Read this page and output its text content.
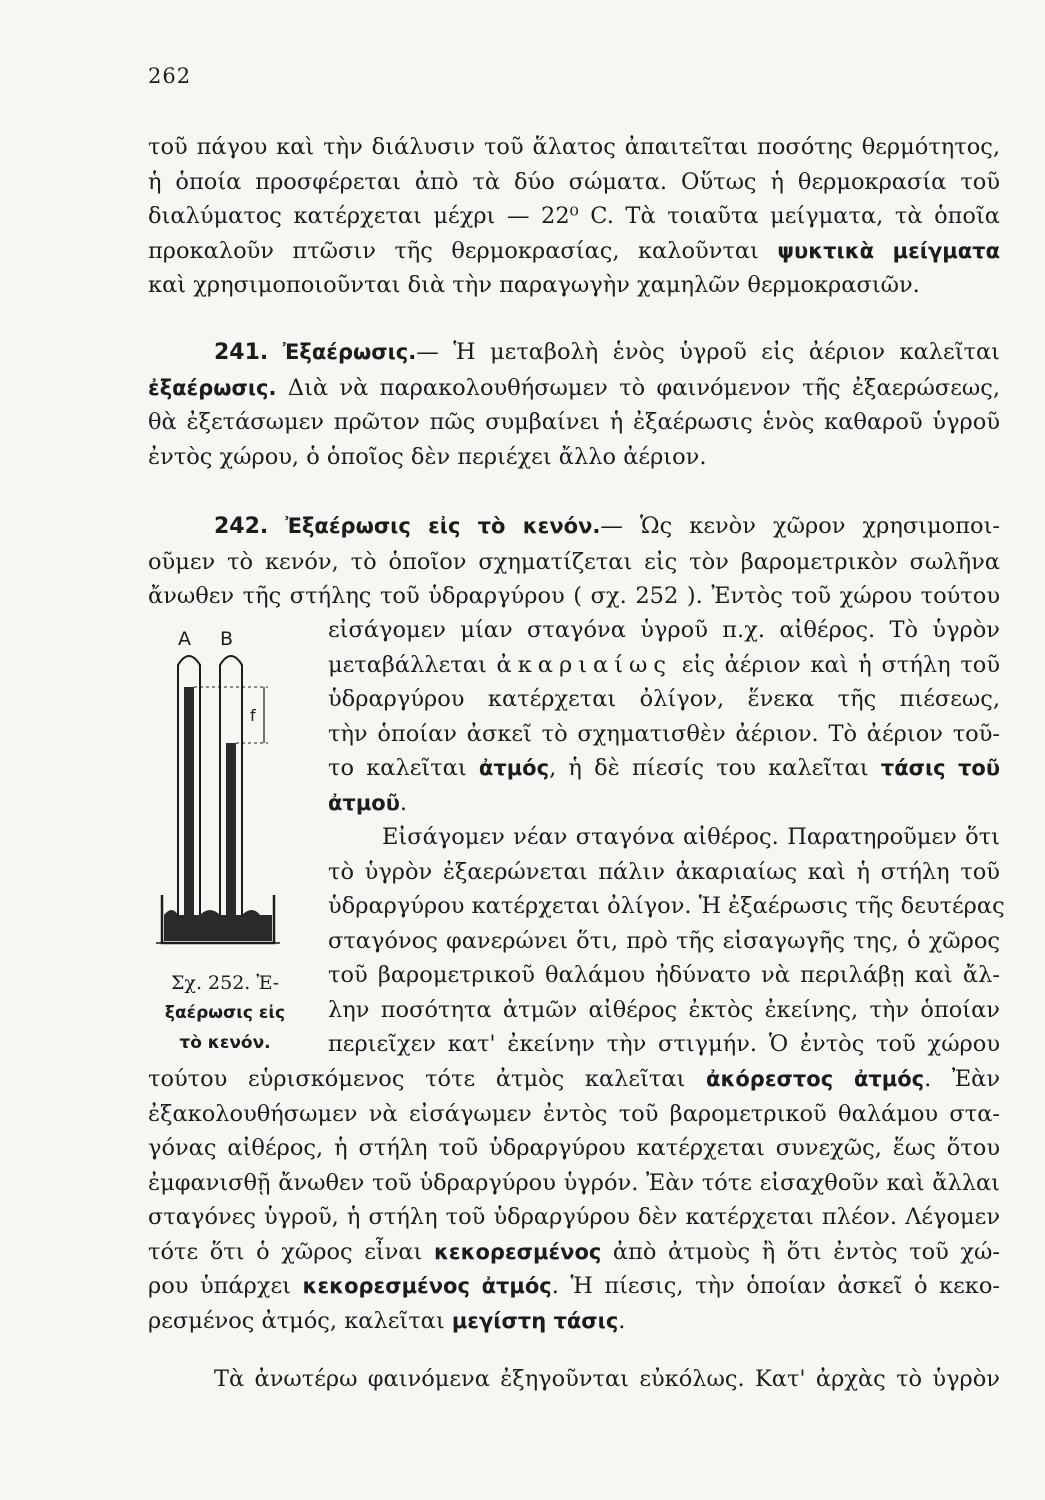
262
τοῦ πάγου καὶ τὴν διάλυσιν τοῦ ἅλατος ἀπαιτεῖται ποσότης θερμότητος,
ἡ ὁποία προσφέρεται ἀπὸ τὰ δύο σώματα. Οὕτως ἡ θερμοκρασία τοῦ
διαλύματος κατέρχεται μέχρι — 22⁰ C. Τὰ τοιαῦτα μείγματα, τὰ ὁποῖα
προκαλοῦν πτῶσιν τῆς θερμοκρασίας, καλοῦνται ψυκτικὰ μείγματα
καὶ χρησιμοποιοῦνται διὰ τὴν παραγωγὴν χαμηλῶν θερμοκρασιῶν.
241. Ἐξαέρωσις.— Ἡ μεταβολὴ ἑνὸς ὑγροῦ εἰς ἀέριον καλεῖται
ἐξαέρωσις. Διὰ νὰ παρακολουθήσωμεν τὸ φαινόμενον τῆς ἐξαερώσεως,
θὰ ἐξετάσωμεν πρῶτον πῶς συμβαίνει ἡ ἐξαέρωσις ἑνὸς καθαροῦ ὑγροῦ
ἐντὸς χώρου, ὁ ὁποῖος δὲν περιέχει ἄλλο ἀέριον.
242. Ἐξαέρωσις εἰς τὸ κενόν.— Ὡς κενὸν χῶρον χρησιμοποι-
οῦμεν τὸ κενόν, τὸ ὁποῖον σχηματίζεται εἰς τὸν βαρομετρικὸν σωλῆνα
ἄνωθεν τῆς στήλης τοῦ ὑδραργύρου ( σχ. 252 ). Ἐντὸς τοῦ χώρου τούτου
εἰσάγομεν μίαν σταγόνα ὑγροῦ π.χ. αἰθέρος. Τὸ ὑγρὸν
μεταβάλλεται ἀκαριαίως εἰς ἀέριον καὶ ἡ στήλη τοῦ
ὑδραργύρου κατέρχεται ὀλίγον, ἕνεκα τῆς πιέσεως,
τὴν ὁποίαν ἀσκεῖ τὸ σχηματισθὲν ἀέριον. Τὸ ἀέριον τοῦ-
το καλεῖται ἀτμός, ἡ δὲ πίεσίς του καλεῖται τάσις τοῦ
ἀτμοῦ.
Εἰσάγομεν νέαν σταγόνα αἰθέρος. Παρατηροῦμεν ὅτι
τὸ ὑγρὸν ἐξαερώνεται πάλιν ἀκαριαίως καὶ ἡ στήλη τοῦ
ὑδραργύρου κατέρχεται ὀλίγον. Ἡ ἐξαέρωσις τῆς δευτέρας
σταγόνος φανερώνει ὅτι, πρὸ τῆς εἰσαγωγῆς της, ὁ χῶρος
τοῦ βαρομετρικοῦ θαλάμου ἠδύνατο νὰ περιλάβῃ καὶ ἄλ-
λην ποσότητα ἀτμῶν αἰθέρος ἐκτὸς ἐκείνης, τὴν ὁποίαν
περιεῖχεν κατ' ἐκείνην τὴν στιγμήν. Ὁ ἐντὸς τοῦ χώρου
τούτου εὑρισκόμενος τότε ἀτμὸς καλεῖται ἀκόρεστος ἀτμός. Ἐὰν
ἐξακολουθήσωμεν νὰ εἰσάγωμεν ἐντὸς τοῦ βαρομετρικοῦ θαλάμου στα-
γόνας αἰθέρος, ἡ στήλη τοῦ ὑδραργύρου κατέρχεται συνεχῶς, ἕως ὅτου
ἐμφανισθῇ ἄνωθεν τοῦ ὑδραργύρου ὑγρόν. Ἐὰν τότε εἰσαχθοῦν καὶ ἄλλαι
σταγόνες ὑγροῦ, ἡ στήλη τοῦ ὑδραργύρου δὲν κατέρχεται πλέον. Λέγομεν
τότε ὅτι ὁ χῶρος εἶναι κεκορεσμένος ἀπὸ ἀτμοὺς ἢ ὅτι ἐντὸς τοῦ χώ-
ρου ὑπάρχει κεκορεσμένος ἀτμός. Ἡ πίεσις, τὴν ὁποίαν ἀσκεῖ ὁ κεκο-
ρεσμένος ἀτμός, καλεῖται μεγίστη τάσις.
Τὰ ἀνωτέρω φαινόμενα ἐξηγοῦνται εὐκόλως. Κατ' ἀρχὰς τὸ ὑγρὸν
A B
f
Σχ. 252. Ἐ-
ξαέρωσις εἰς
τὸ κενόν.
